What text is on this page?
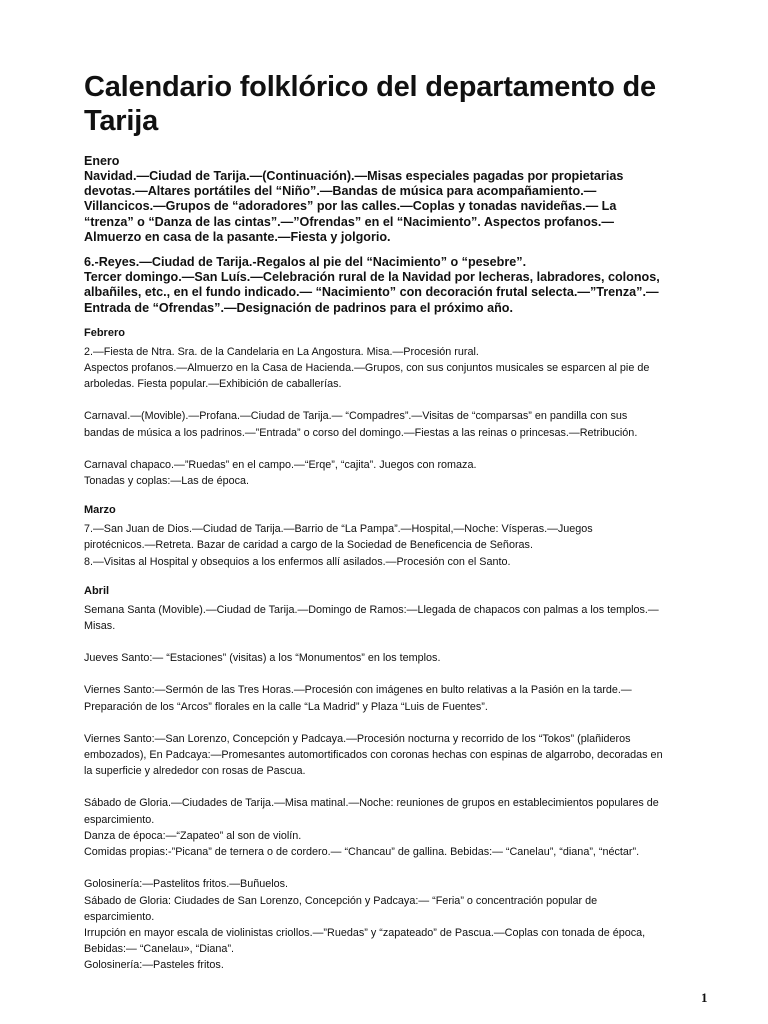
Calendario folklórico del departamento de
Tarija
Enero
Navidad.—Ciudad de Tarija.—(Continuación).—Misas especiales pagadas por propietarias
devotas.—Altares portátiles del “Niño”.—Bandas de música para acompañamiento.—
Villancicos.—Grupos de “adoradores” por las calles.—Coplas y tonadas navideñas.— La
“trenza” o “Danza de las cintas”.—”Ofrendas” en el “Nacimiento”. Aspectos profanos.—
Almuerzo en casa de la pasante.—Fiesta y jolgorio.
6.-Reyes.—Ciudad de Tarija.-Regalos al pie del “Nacimiento” o “pesebre”.
Tercer domingo.—San Luís.—Celebración rural de la Navidad por lecheras, labradores, colonos,
albañiles, etc., en el fundo indicado.— “Nacimiento” con decoración frutal selecta.—”Trenza”.—
Entrada de “Ofrendas”.—Designación de padrinos para el próximo año.
Febrero
2.—Fiesta de Ntra. Sra. de la Candelaria en La Angostura. Misa.—Procesión rural.
Aspectos profanos.—Almuerzo en la Casa de Hacienda.—Grupos, con sus conjuntos musicales se esparcen al pie de
arboledas. Fiesta popular.—Exhibición de caballerías.
Carnaval.—(Movible).—Profana.—Ciudad de Tarija.— “Compadres”.—Visitas de “comparsas” en pandilla con sus
bandas de música a los padrinos.—”Entrada” o corso del domingo.—Fiestas a las reinas o princesas.—Retribución.
Carnaval chapaco.—”Ruedas” en el campo.—“Erqe”, “cajita”. Juegos con romaza.
Tonadas y coplas:—Las de época.
Marzo
7.—San Juan de Dios.—Ciudad de Tarija.—Barrio de “La Pampa”.—Hospital,—Noche: Vísperas.—Juegos
pirotécnicos.—Retreta. Bazar de caridad a cargo de la Sociedad de Beneficencia de Señoras.
8.—Visitas al Hospital y obsequios a los enfermos allí asilados.—Procesión con el Santo.
Abril
Semana Santa (Movible).—Ciudad de Tarija.—Domingo de Ramos:—Llegada de chapacos con palmas a los templos.—
Misas.
Jueves Santo:— “Estaciones” (visitas) a los “Monumentos” en los templos.
Viernes Santo:—Sermón de las Tres Horas.—Procesión con imágenes en bulto relativas a la Pasión en la tarde.—
Preparación de los “Arcos” florales en la calle “La Madrid” y Plaza “Luis de Fuentes”.
Viernes Santo:—San Lorenzo, Concepción y Padcaya.—Procesión nocturna y recorrido de los “Tokos” (plañideros
embozados), En Padcaya:—Promesantes automortificados con coronas hechas con espinas de algarrobo, decoradas en
la superficie y alrededor con rosas de Pascua.
Sábado de Gloria.—Ciudades de Tarija.—Misa matinal.—Noche: reuniones de grupos en establecimientos populares de
esparcimiento.
Danza de época:—“Zapateo” al son de violín.
Comidas propias:-”Picana” de ternera o de cordero.— “Chancau” de gallina. Bebidas:— “Canelau”, “diana”, “néctar”.
Golosinería:—Pastelitos fritos.—Buñuelos.
Sábado de Gloria: Ciudades de San Lorenzo, Concepción y Padcaya:— “Feria” o concentración popular de
esparcimiento.
Irrupción en mayor escala de violinistas criollos.—”Ruedas” y “zapateado” de Pascua.—Coplas con tonada de época,
Bebidas:— “Canelau», “Diana”.
Golosinería:—Pasteles fritos.
1
